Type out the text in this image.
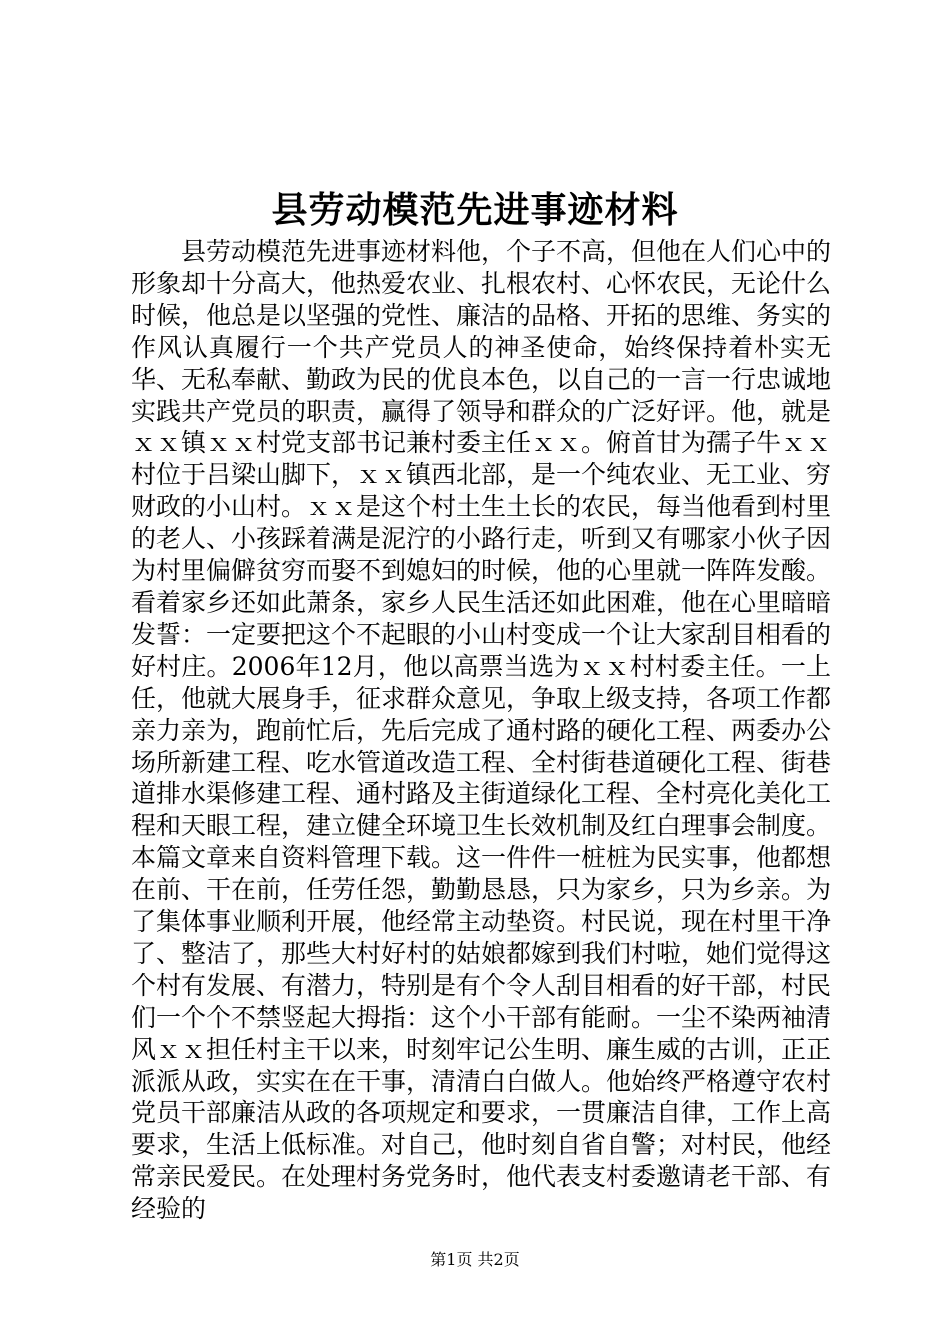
县劳动模范先进事迹材料

县劳动模范先进事迹材料他，个子不高，但他在人们心中的形象却十分高大，他热爱农业、扎根农村、心怀农民，无论什么时候，他总是以坚强的党性、廉洁的品格、开拓的思维、务实的作风认真履行一个共产党员人的神圣使命，始终保持着朴实无华、无私奉献、勤政为民的优良本色，以自己的一言一行忠诚地实践共产党员的职责，赢得了领导和群众的广泛好评。他，就是ｘｘ镇ｘｘ村党支部书记兼村委主任ｘｘ。俯首甘为孺子牛ｘｘ村位于吕梁山脚下，ｘｘ镇西北部，是一个纯农业、无工业、穷财政的小山村。ｘｘ是这个村土生土长的农民，每当他看到村里的老人、小孩踩着满是泥泞的小路行走，听到又有哪家小伙子因为村里偏僻贫穷而娶不到媳妇的时候，他的心里就一阵阵发酸。看着家乡还如此萧条，家乡人民生活还如此困难，他在心里暗暗发誓：一定要把这个不起眼的小山村变成一个让大家刮目相看的好村庄。2006年12月，他以高票当选为ｘｘ村村委主任。一上任，他就大展身手，征求群众意见，争取上级支持，各项工作都亲力亲为，跑前忙后，先后完成了通村路的硬化工程、两委办公场所新建工程、吃水管道改造工程、全村街巷道硬化工程、街巷道排水渠修建工程、通村路及主街道绿化工程、全村亮化美化工程和天眼工程，建立健全环境卫生长效机制及红白理事会制度。本篇文章来自资料管理下载。这一件件一桩桩为民实事，他都想在前、干在前，任劳任怨，勤勤恳恳，只为家乡，只为乡亲。为了集体事业顺利开展，他经常主动垫资。村民说，现在村里干净了、整洁了，那些大村好村的姑娘都嫁到我们村啦，她们觉得这个村有发展、有潜力，特别是有个令人刮目相看的好干部，村民们一个个不禁竖起大拇指：这个小干部有能耐。一尘不染两袖清风ｘｘ担任村主干以来，时刻牢记公生明、廉生威的古训，正正派派从政，实实在在干事，清清白白做人。他始终严格遵守农村党员干部廉洁从政的各项规定和要求，一贯廉洁自律，工作上高要求，生活上低标准。对自己，他时刻自省自警；对村民，他经常亲民爱民。在处理村务党务时，他代表支村委邀请老干部、有经验的

第1页 共2页
